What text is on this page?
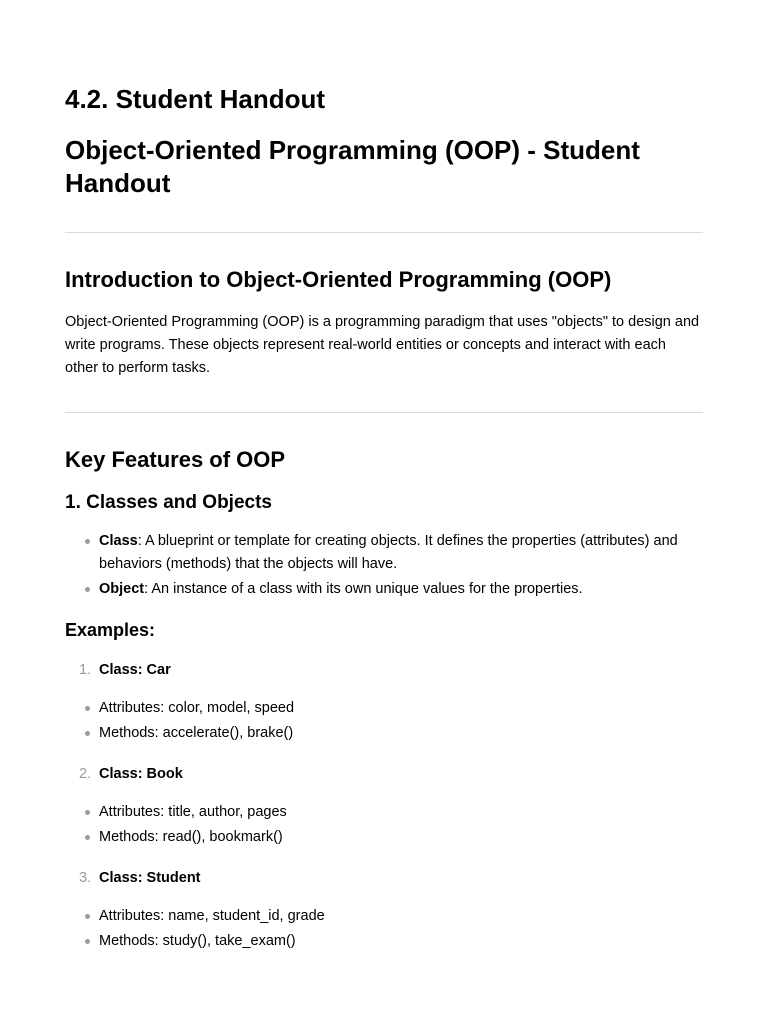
4.2. Student Handout
Object-Oriented Programming (OOP) - Student Handout
Introduction to Object-Oriented Programming (OOP)

Object-Oriented Programming (OOP) is a programming paradigm that uses "objects" to design and write programs. These objects represent real-world entities or concepts and interact with each other to perform tasks.

Key Features of OOP
1. Classes and Objects
Class: A blueprint or template for creating objects. It defines the properties (attributes) and behaviors (methods) that the objects will have.
Object: An instance of a class with its own unique values for the properties.
Examples:
1. Class: Car
Attributes: color, model, speed
Methods: accelerate(), brake()
2. Class: Book
Attributes: title, author, pages
Methods: read(), bookmark()
3. Class: Student
Attributes: name, student_id, grade
Methods: study(), take_exam()
